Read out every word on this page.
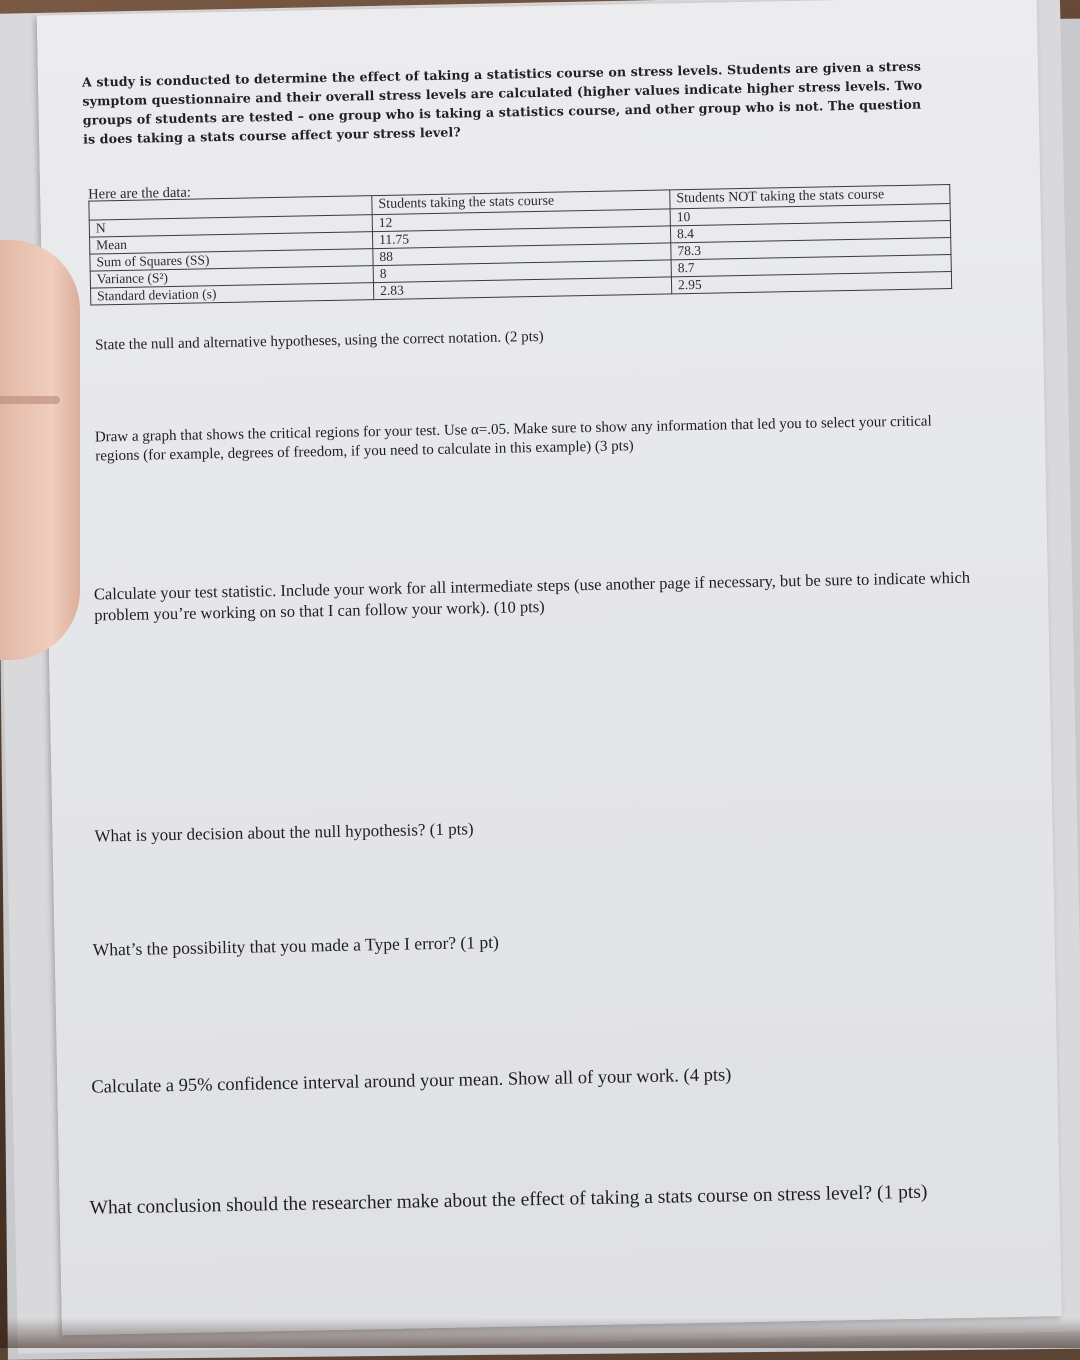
A study is conducted to determine the effect of taking a statistics course on stress levels. Students are given a stress symptom questionnaire and their overall stress levels are calculated (higher values indicate higher stress levels. Two groups of students are tested – one group who is taking a statistics course, and other group who is not. The question is does taking a stats course affect your stress level?
Here are the data:
	Students taking the stats course	Students NOT taking the stats course
N	12	10
Mean	11.75	8.4
Sum of Squares (SS)	88	78.3
Variance (S²)	8	8.7
Standard deviation (s)	2.83	2.95
State the null and alternative hypotheses, using the correct notation. (2 pts)
Draw a graph that shows the critical regions for your test. Use α=.05. Make sure to show any information that led you to select your critical regions (for example, degrees of freedom, if you need to calculate in this example) (3 pts)
Calculate your test statistic. Include your work for all intermediate steps (use another page if necessary, but be sure to indicate which problem you’re working on so that I can follow your work). (10 pts)
What is your decision about the null hypothesis? (1 pts)
What’s the possibility that you made a Type I error? (1 pt)
Calculate a 95% confidence interval around your mean. Show all of your work. (4 pts)
What conclusion should the researcher make about the effect of taking a stats course on stress level? (1 pts)
